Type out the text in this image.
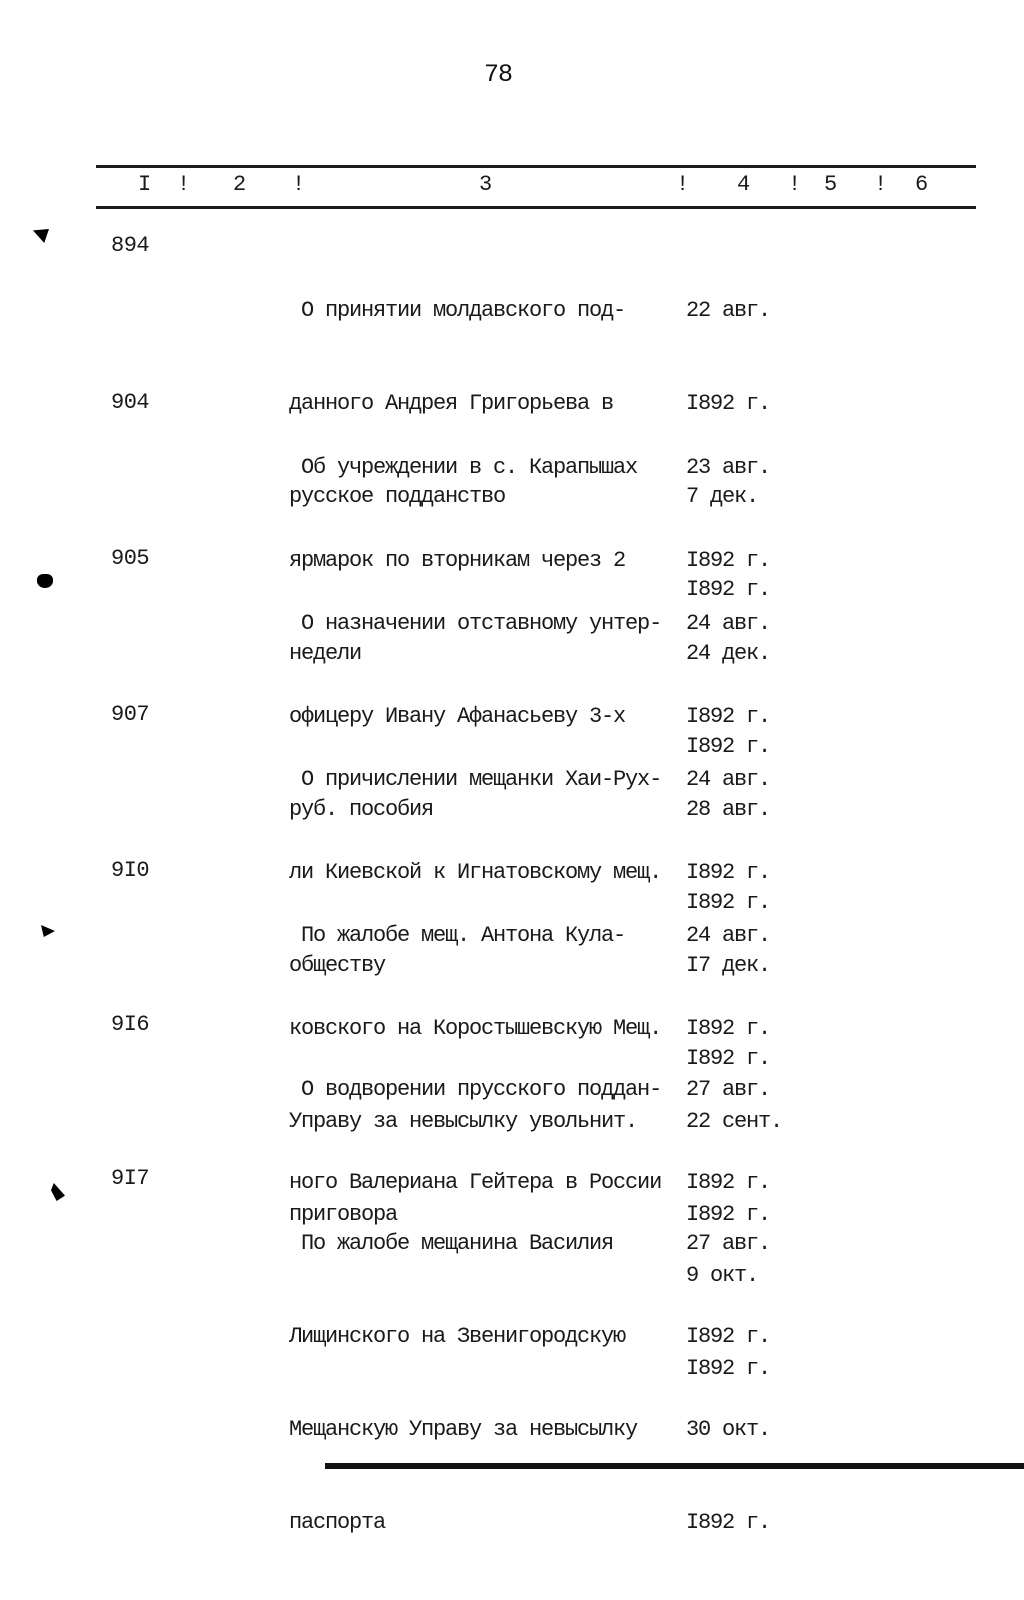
78
I ! 2 !	3	! 4 ! 5 ! 6
894

О принятии молдавского под-

данного Андрея Григорьева в

русское подданство

22 авг.

I892 г.

7 дек.

I892 г.

904

Об учреждении в с. Карапышах

ярмарок по вторникам через 2

недели

23 авг.

I892 г.

24 дек.

I892 г.

905

О назначении отставному унтер-

офицеру Ивану Афанасьеву 3-х

руб. пособия

24 авг.

I892 г.

28 авг.

I892 г.

907

О причислении мещанки Хаи-Рух-

ли Киевской к Игнатовскому мещ.

обществу

24 авг.

I892 г.

I7 дек.

I892 г.

9I0

По жалобе мещ. Антона Кула-

ковского на Коростышевскую Мещ.

Управу за невысылку увольнит.

приговора

24 авг.

I892 г.

22 сент.

I892 г.

9I6

О водворении прусского поддан-

ного Валериана Гейтера в России

27 авг.

I892 г.

9 окт.

I892 г.

9I7

По жалобе мещанина Василия

Лищинского на Звенигородскую

Мещанскую Управу за невысылку

паспорта

27 авг.

I892 г.

30 окт.

I892 г.
